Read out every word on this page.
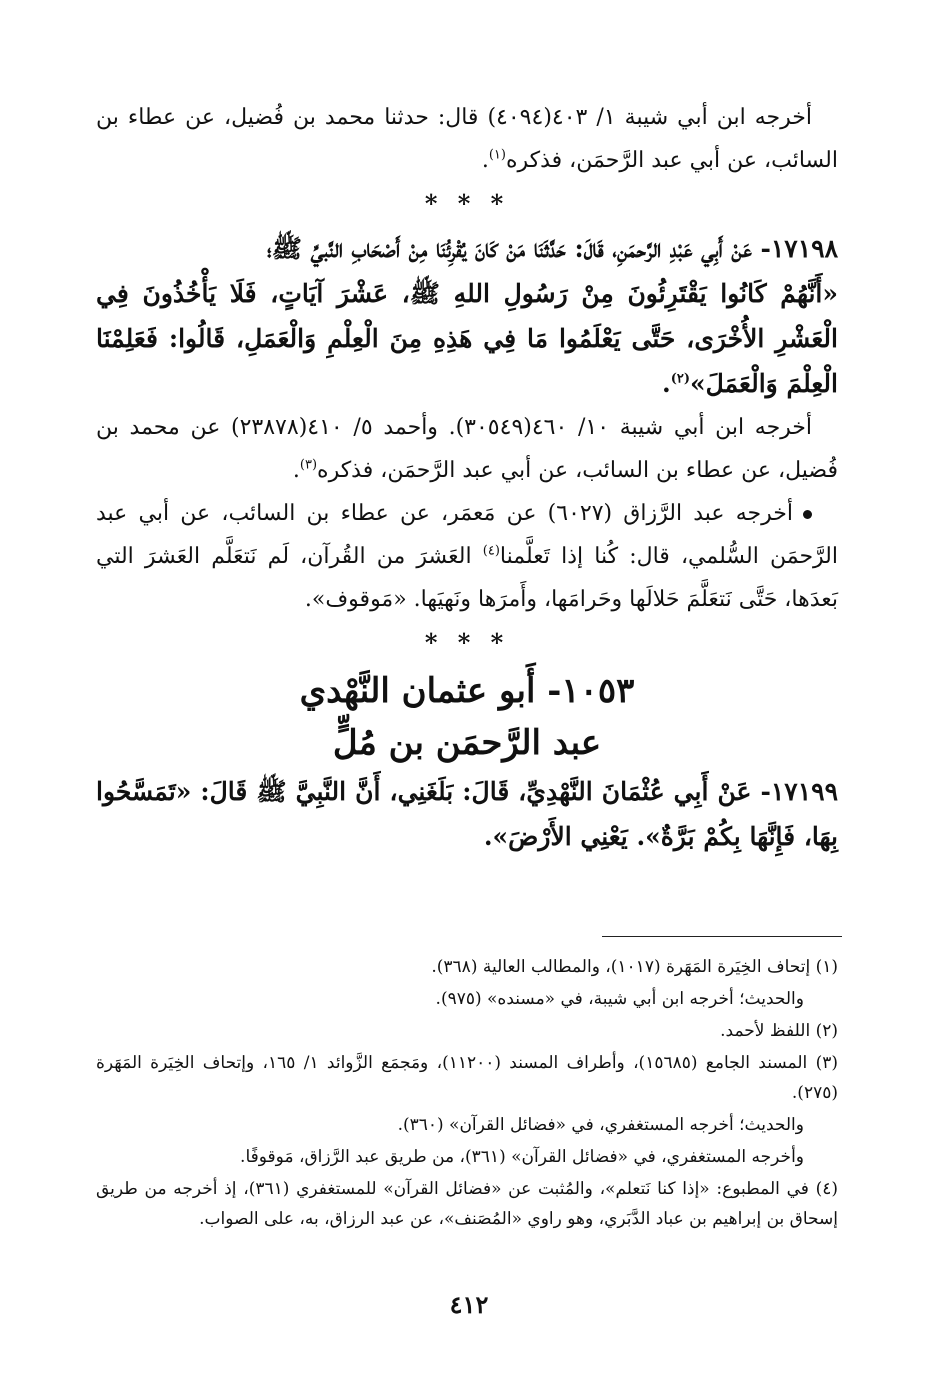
أخرجه ابن أبي شيبة ١/ ٤٠٣(٤٠٩٤) قال: حدثنا محمد بن فُضيل، عن عطاء بن السائب، عن أبي عبد الرَّحمَن، فذكره$^{(١)}$.

* * *

١٧١٩٨- عَنْ أَبِي عَبْدِ الرَّحمَنِ، قَالَ: حَدَّثَنَا مَنْ كَانَ يُقْرِئُنَا مِنْ أَصْحَابِ النَّبيِّ ﷺ؛

«أَنَّهُمْ كَانُوا يَقْتَرِئُونَ مِنْ رَسُولِ اللهِ ﷺ، عَشْرَ آيَاتٍ، فَلَا يَأْخُذُونَ فِي الْعَشْرِ الأُخْرَى، حَتَّى يَعْلَمُوا مَا فِي هَذِهِ مِنَ الْعِلْمِ وَالْعَمَلِ، قَالُوا: فَعَلِمْنَا الْعِلْمَ وَالْعَمَلَ»$^{(٢)}$.

أخرجه ابن أبي شيبة ١٠/ ٤٦٠(٣٠٥٤٩). وأحمد ٥/ ٤١٠(٢٣٨٧٨) عن محمد بن فُضيل، عن عطاء بن السائب، عن أبي عبد الرَّحمَن، فذكره$^{(٣)}$.

أخرجه عبد الرَّزاق (٦٠٢٧) عن مَعمَر، عن عطاء بن السائب، عن أبي عبد الرَّحمَن السُّلمي، قال: كُنا إذا تَعلَّمنا$^{(٤)}$ العَشرَ من القُرآن، لَم نَتعَلَّم العَشرَ التي بَعدَها، حَتَّى نَتعَلَّمَ حَلالَها وحَرامَها، وأَمرَها ونَهيَها. «مَوقوف».

* * *
١٠٥٣- أَبو عثمان النَّهْدي
عبد الرَّحمَن بن مُلٍّ

١٧١٩٩- عَنْ أَبِي عُثْمَانَ النَّهْدِيِّ، قَالَ: بَلَغَنِي، أَنَّ النَّبِيَّ ﷺ قَالَ: «تَمَسَّحُوا بِهَا، فَإِنَّهَا بِكُمْ بَرَّةٌ». يَعْنِي الأَرْضَ».

(١) إتحاف الخِيَرة المَهَرة (١٠١٧)، والمطالب العالية (٣٦٨).

والحديث؛ أخرجه ابن أبي شيبة، في «مسنده» (٩٧٥).

(٢) اللفظ لأحمد.

(٣) المسند الجامع (١٥٦٨٥)، وأطراف المسند (١١٢٠٠)، ومَجمَع الزَّوائد ١/ ١٦٥، وإتحاف الخِيَرة المَهَرة (٢٧٥).

والحديث؛ أخرجه المستغفري، في «فضائل القرآن» (٣٦٠).

وأخرجه المستغفري، في «فضائل القرآن» (٣٦١)، من طريق عبد الرَّزاق، مَوقوفًا.

(٤) في المطبوع: «إذا كنا نَتعلم»، والمُثبت عن «فضائل القرآن» للمستغفري (٣٦١)، إذ أخرجه من طريق إسحاق بن إبراهيم بن عباد الدَّبَري، وهو راوي «المُصَنف»، عن عبد الرزاق، به، على الصواب.

٤١٢
